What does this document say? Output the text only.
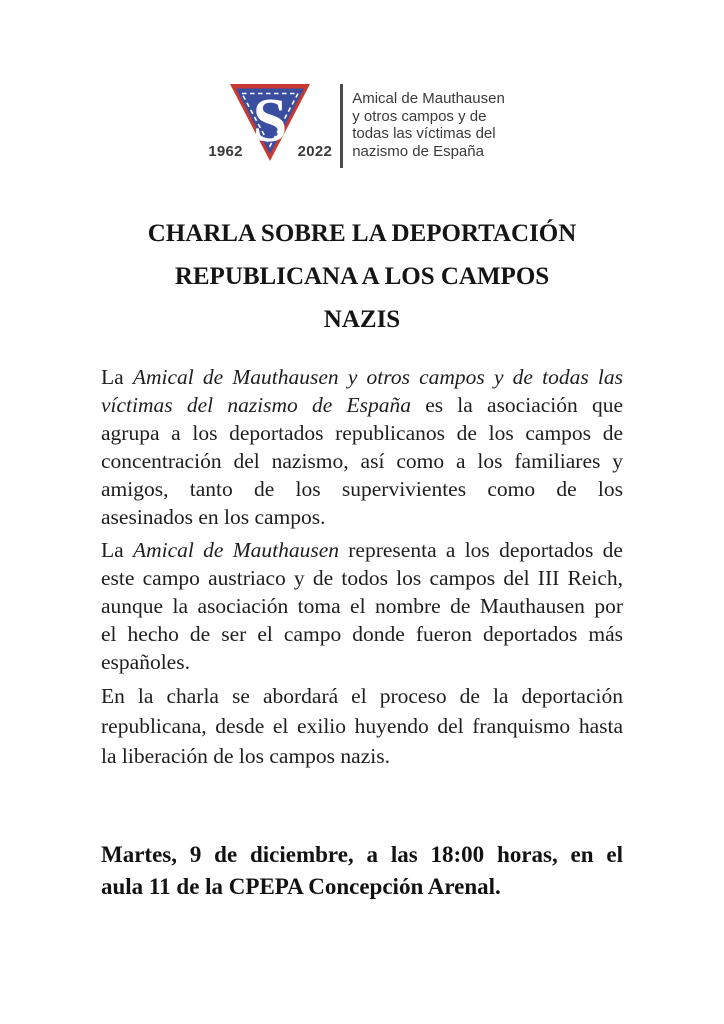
S
1962	2022
Amical de Mauthausen
y otros campos y de
todas las víctimas del
nazismo de España
CHARLA SOBRE LA DEPORTACIÓN
REPUBLICANA A LOS CAMPOS
NAZIS
La Amical de Mauthausen y otros campos y de todas las
víctimas del nazismo de España es la asociación que
agrupa a los deportados republicanos de los campos de
concentración del nazismo, así como a los familiares y
amigos, tanto de los supervivientes como de los
asesinados en los campos.
La Amical de Mauthausen representa a los deportados de
este campo austriaco y de todos los campos del III Reich,
aunque la asociación toma el nombre de Mauthausen por
el hecho de ser el campo donde fueron deportados más
españoles.
En la charla se abordará el proceso de la deportación
republicana, desde el exilio huyendo del franquismo hasta
la liberación de los campos nazis.
Martes, 9 de diciembre, a las 18:00 horas, en el
aula 11 de la CPEPA Concepción Arenal.
